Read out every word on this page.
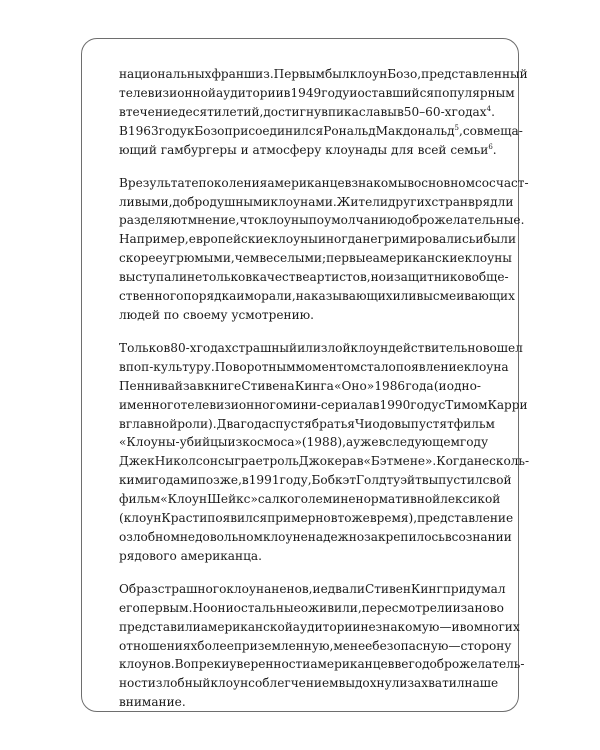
национальных франшиз. Первым был клоун Бозо, представленный
телевизионной аудитории в 1949 году и оставшийся популярным
в течение десятилетий, достигнув пика славы в 50–60-х годах$^4$.
В 1963 году к Бозо присоединился Рональд Макдональд$^5$, совмеща-
ющий гамбургеры и атмосферу клоунады для всей семьи$^6$.
В результате поколения американцев знакомы в основном со счаст-
ливыми, добродушными клоунами. Жители других стран вряд ли
разделяют мнение, что клоуны по умолчанию доброжелательные.
Например, европейские клоуны иногда не гримировались и были
скорее угрюмыми, чем веселыми; первые американские клоуны
выступали не только в качестве артистов, но и защитников обще-
ственного порядка и морали, наказывающих или высмеивающих
людей по своему усмотрению.
Только в 80-х годах страшный или злой клоун действительно вошел
в поп-культуру. Поворотным моментом стало появление клоуна
Пеннивайза в книге Стивена Кинга «Оно» 1986 года (и одно-
именного телевизионного мини-сериала в 1990 году с Тимом Карри
в главной роли). Два года спустя братья Чиодо выпустят фильм
«Клоуны-убийцы из космоса» (1988), а уже в следующем году
Джек Николсон сыграет роль Джокера в «Бэтмене». Когда несколь-
кими годами позже, в 1991 году, Бобкэт Голдтуэйт выпустил свой
фильм «Клоун Шейкс» с алкоголем и ненормативной лексикой
(клоун Красти появился примерно в то же время), представление
о злобном недовольном клоуне надежно закрепилось в сознании
рядового американца.
Образ страшного клоуна не нов, и едва ли Стивен Кинг придумал
его первым. Но он и остальные оживили, пересмотрели и заново
представили американской аудитории незнакомую — и во многих
отношениях более приземленную, менее безопасную — сторону
клоунов. Вопреки уверенности американцев в его доброжелатель-
ности злобный клоун с облегчением выдохнул и захватил наше
внимание.
